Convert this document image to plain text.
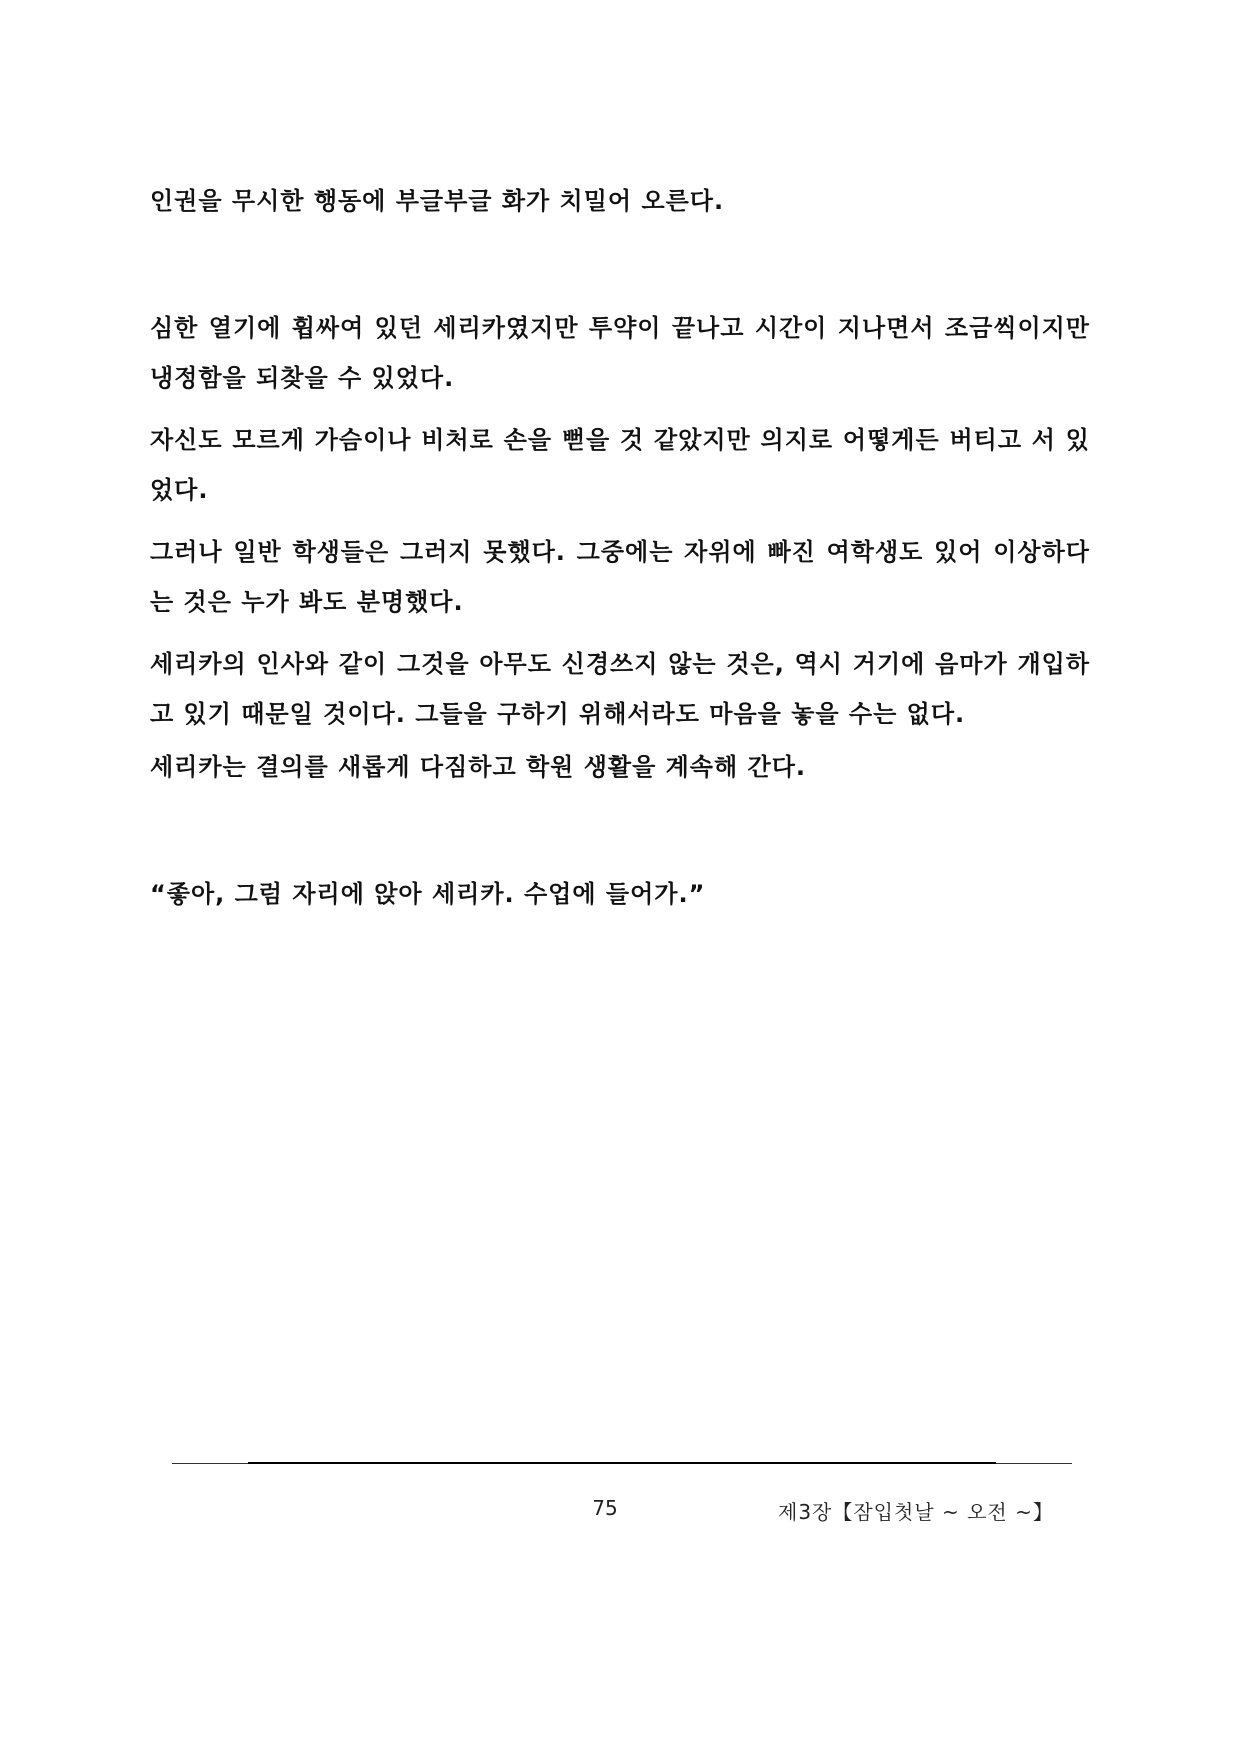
인권을 무시한 행동에 부글부글 화가 치밀어 오른다.

심한 열기에 휩싸여 있던 세리카였지만 투약이 끝나고 시간이 지나면서 조금씩이지만 냉정함을 되찾을 수 있었다.

자신도 모르게 가슴이나 비처로 손을 뻗을 것 같았지만 의지로 어떻게든 버티고 서 있었다.

그러나 일반 학생들은 그러지 못했다. 그중에는 자위에 빠진 여학생도 있어 이상하다는 것은 누가 봐도 분명했다.

세리카의 인사와 같이 그것을 아무도 신경쓰지 않는 것은, 역시 거기에 음마가 개입하고 있기 때문일 것이다. 그들을 구하기 위해서라도 마음을 놓을 수는 없다.

세리카는 결의를 새롭게 다짐하고 학원 생활을 계속해 간다.

“좋아, 그럼 자리에 앉아 세리카. 수업에 들어가.”

75	제3장【잠입첫날 ~ 오전 ~】
